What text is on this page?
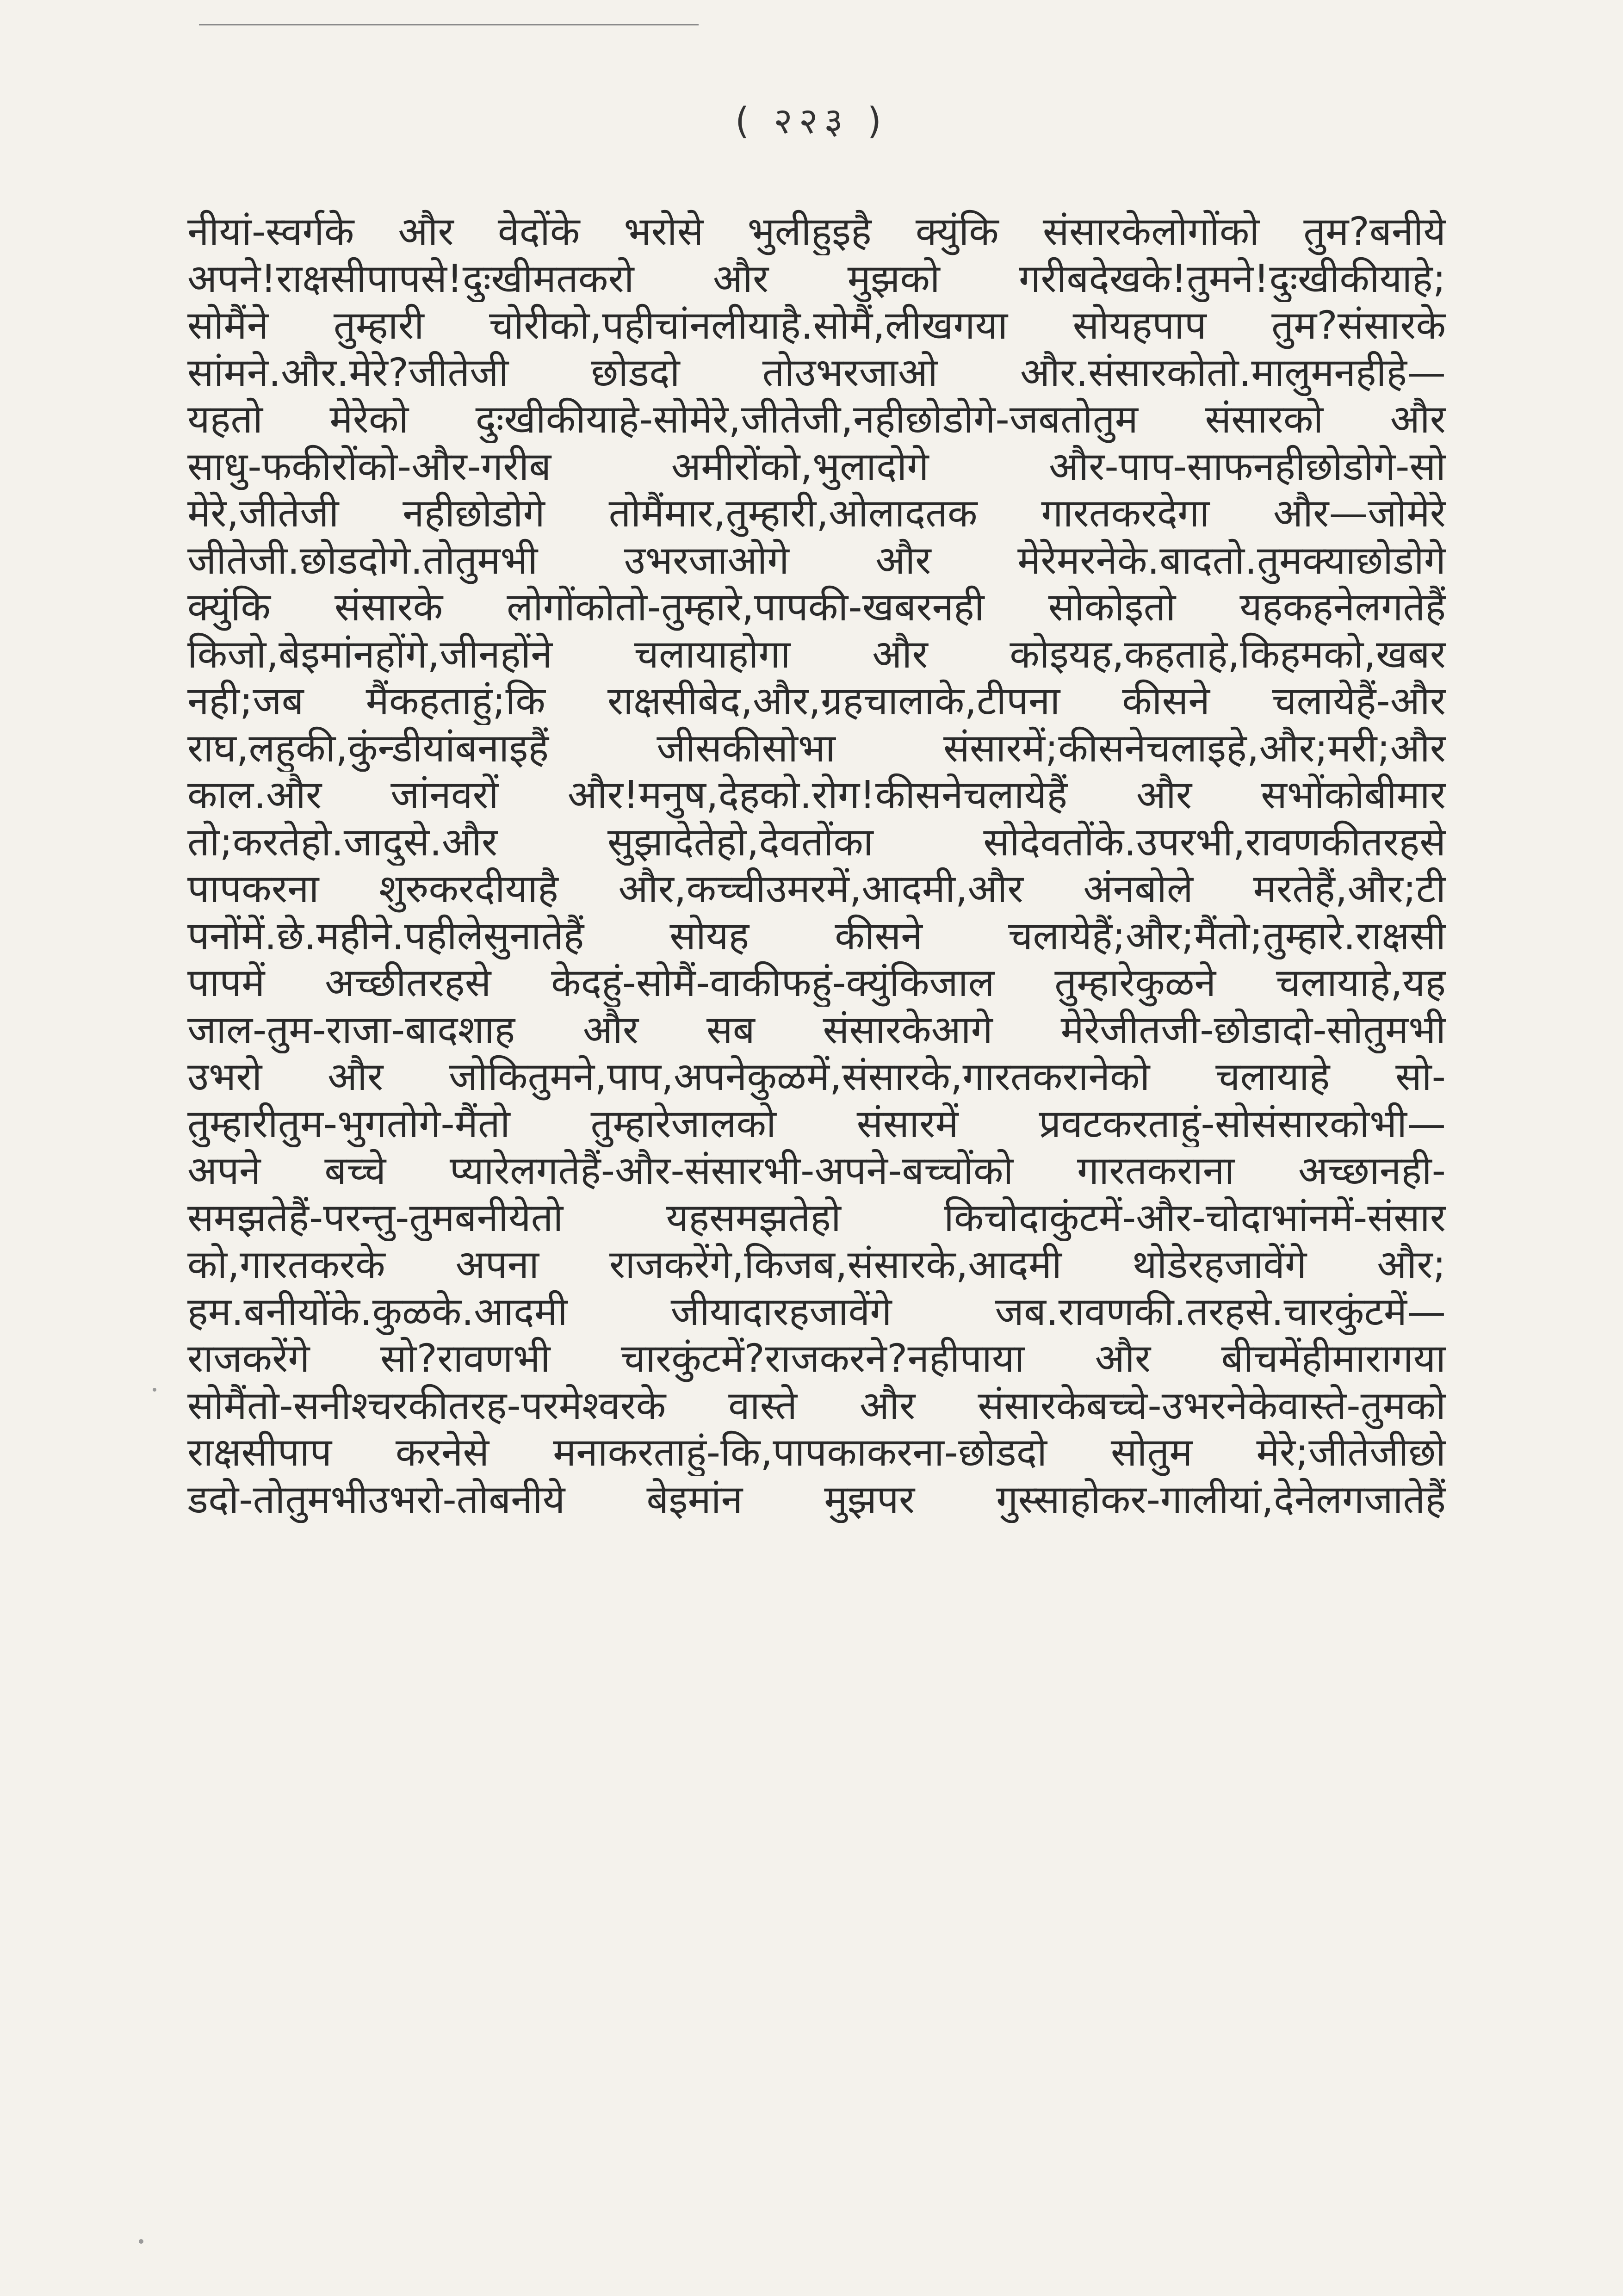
( २२३ )
नीयां-स्वर्गके और वेदोंके भरोसे भुलीहुइहै क्युंकि संसारकेलोगोंको तुम?बनीये
अपने!राक्षसीपापसे!दुःखीमतकरो और मुझको गरीबदेखके!तुमने!दुःखीकीयाहे;
सोमैंने तुम्हारी चोरीको,पहीचांनलीयाहै.सोमैं,लीखगया सोयहपाप तुम?संसारके
सांमने.और.मेरे?जीतेजी छोडदो तोउभरजाओ और.संसारकोतो.मालुमनहीहे—
यहतो मेरेको दुःखीकीयाहे-सोमेरे,जीतेजी,नहीछोडोगे-जबतोतुम संसारको और
साधु-फकीरोंको-और-गरीब अमीरोंको,भुलादोगे और-पाप-साफनहीछोडोगे-सो
मेरे,जीतेजी नहीछोडोगे तोमैंमार,तुम्हारी,ओलादतक गारतकरदेगा और—जोमेरे
जीतेजी.छोडदोगे.तोतुमभी उभरजाओगे और मेरेमरनेके.बादतो.तुमक्याछोडोगे
क्युंकि संसारके लोगोंकोतो-तुम्हारे,पापकी-खबरनही सोकोइतो यहकहनेलगतेहैं
किजो,बेइमांनहोंगे,जीनहोंने चलायाहोगा और कोइयह,कहताहे,किहमको,खबर
नही;जब मैंकहताहुं;कि राक्षसीबेद,और,ग्रहचालाके,टीपना कीसने चलायेहैं-और
राघ,लहुकी,कुंन्डीयांबनाइहैं जीसकीसोभा संसारमें;कीसनेचलाइहे,और;मरी;और
काल.और जांनवरों और!मनुष,देहको.रोग!कीसनेचलायेहैं और सभोंकोबीमार
तो;करतेहो.जादुसे.और सुझादेतेहो,देवतोंका सोदेवतोंके.उपरभी,रावणकीतरहसे
पापकरना शुरुकरदीयाहै और,कच्चीउमरमें,आदमी,और अंनबोले मरतेहैं,और;टी
पनोंमें.छे.महीने.पहीलेसुनातेहैं सोयह कीसने चलायेहैं;और;मैंतो;तुम्हारे.राक्षसी
पापमें अच्छीतरहसे केदहुं-सोमैं-वाकीफहुं-क्युंकिजाल तुम्हारेकुळने चलायाहे,यह
जाल-तुम-राजा-बादशाह और सब संसारकेआगे मेरेजीतजी-छोडादो-सोतुमभी
उभरो और जोकितुमने,पाप,अपनेकुळमें,संसारके,गारतकरानेको चलायाहे सो-
तुम्हारीतुम-भुगतोगे-मैंतो तुम्हारेजालको संसारमें प्रवटकरताहुं-सोसंसारकोभी—
अपने बच्चे प्यारेलगतेहैं-और-संसारभी-अपने-बच्चोंको गारतकराना अच्छानही-
समझतेहैं-परन्तु-तुमबनीयेतो यहसमझतेहो किचोदाकुंटमें-और-चोदाभांनमें-संसार
को,गारतकरके अपना राजकरेंगे,किजब,संसारके,आदमी थोडेरहजावेंगे और;
हम.बनीयोंके.कुळके.आदमी जीयादारहजावेंगे जब.रावणकी.तरहसे.चारकुंटमें—
राजकरेंगे सो?रावणभी चारकुंटमें?राजकरने?नहीपाया और बीचमेंहीमारागया
सोमैंतो-सनीश्चरकीतरह-परमेश्वरके वास्ते और संसारकेबच्चे-उभरनेकेवास्ते-तुमको
राक्षसीपाप करनेसे मनाकरताहुं-कि,पापकाकरना-छोडदो सोतुम मेरे;जीतेजीछो
डदो-तोतुमभीउभरो-तोबनीये बेइमांन मुझपर गुस्साहोकर-गालीयां,देनेलगजातेहैं
